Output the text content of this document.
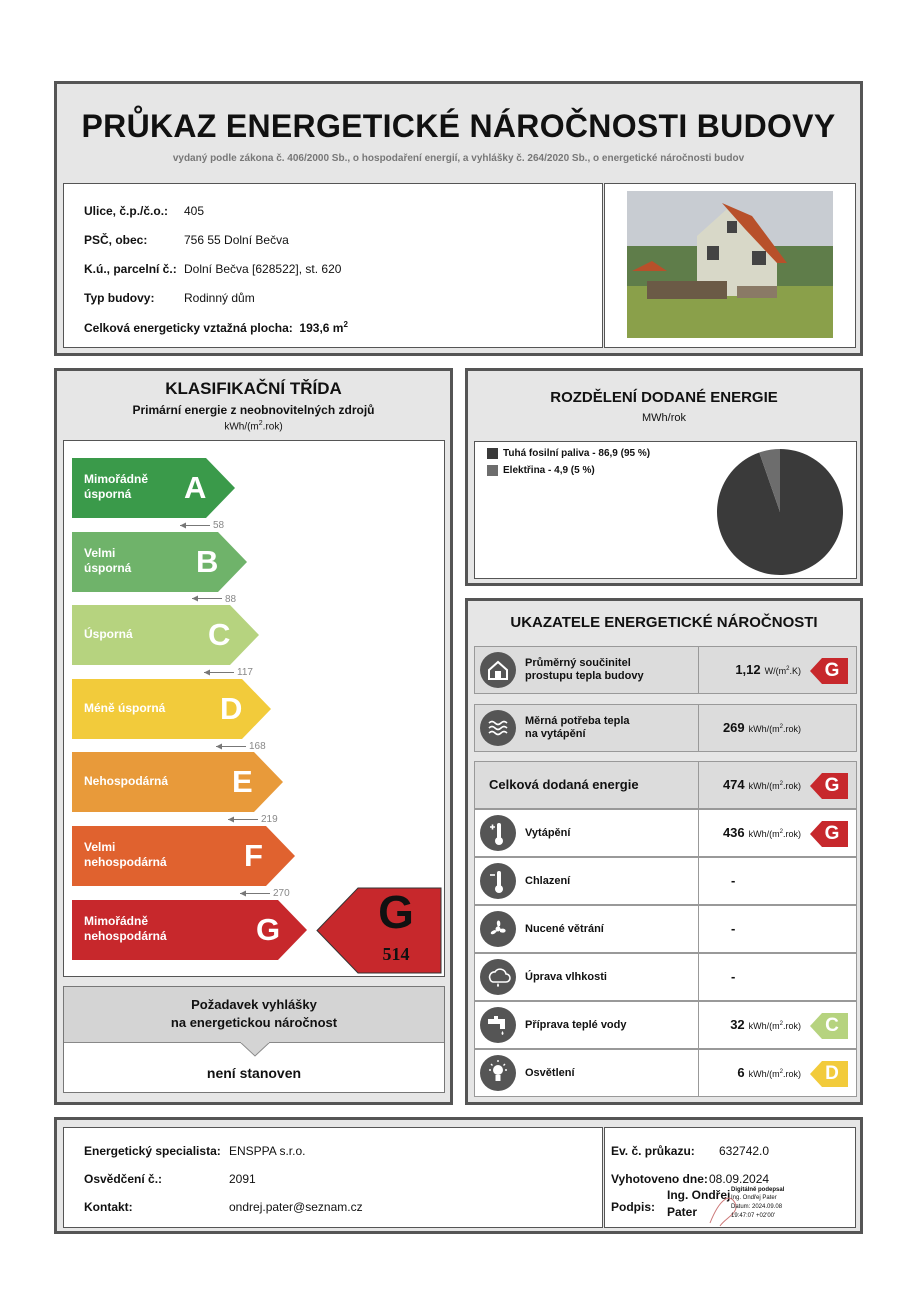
PRŮKAZ ENERGETICKÉ NÁROČNOSTI BUDOVY
vydaný podle zákona č. 406/2000 Sb., o hospodaření energií, a vyhlášky č. 264/2020 Sb., o energetické náročnosti budov
Ulice, č.p./č.o.: 405
PSČ, obec:	756 55 Dolní Bečva
K.ú., parcelní č.: Dolní Bečva [628522], st. 620
Typ budovy: Rodinný dům
Celková energeticky vztažná plocha: 193,6 $m^2$
KLASIFIKAČNÍ TŘÍDA
Primární energie z neobnovitelných zdrojů
kWh/$(m^2.rok)$
Mimořádně
úsporná	A
58
Velmi
úsporná B
88
Úsporná C
117
Méně úsporná D
168
Nehospodárná E
219
Velmi
nehospodárná F
270
Mimořádně
nehospodárná	G G
514
Požadavek vyhlášky
na energetickou náročnost
není stanoven
ROZDĚLENÍ DODANÉ ENERGIE
MWh/rok
Tuhá fosilní paliva - 86,9 (95 %)
Elektřina - 4,9 (5 %)
UKAZATELE ENERGETICKÉ NÁROČNOSTI
Průměrný součinitel
prostupu tepla budovy	1,12 $W/(m^2.K)$	G
Měrná potřeba tepla
na vytápění	269 kWh/$(m^2.rok)$
Celková dodaná energie	474 kWh/$(m^2.rok)$	G
Vytápění	436 kWh/$(m^2.rok)$	G
Chlazení	-
Nucené větrání	-
Úprava vlhkosti	-
Příprava teplé vody	32 kWh/$(m^2.rok)$	C
Osvětlení	6 kWh/$(m^2.rok)$	D
Energetický specialista: ENSPPA s.r.o.
Osvědčení č.:	2091
Kontakt:	ondrej.pater@seznam.cz
Ev. č. průkazu: 632742.0
Vyhotoveno dne: 08.09.2024
Podpis:
Ing. Ondřej
Pater
Digitálně podepsal
Ing. Ondřej Pater
Datum: 2024.09.08
19:47:07 +02'00'
